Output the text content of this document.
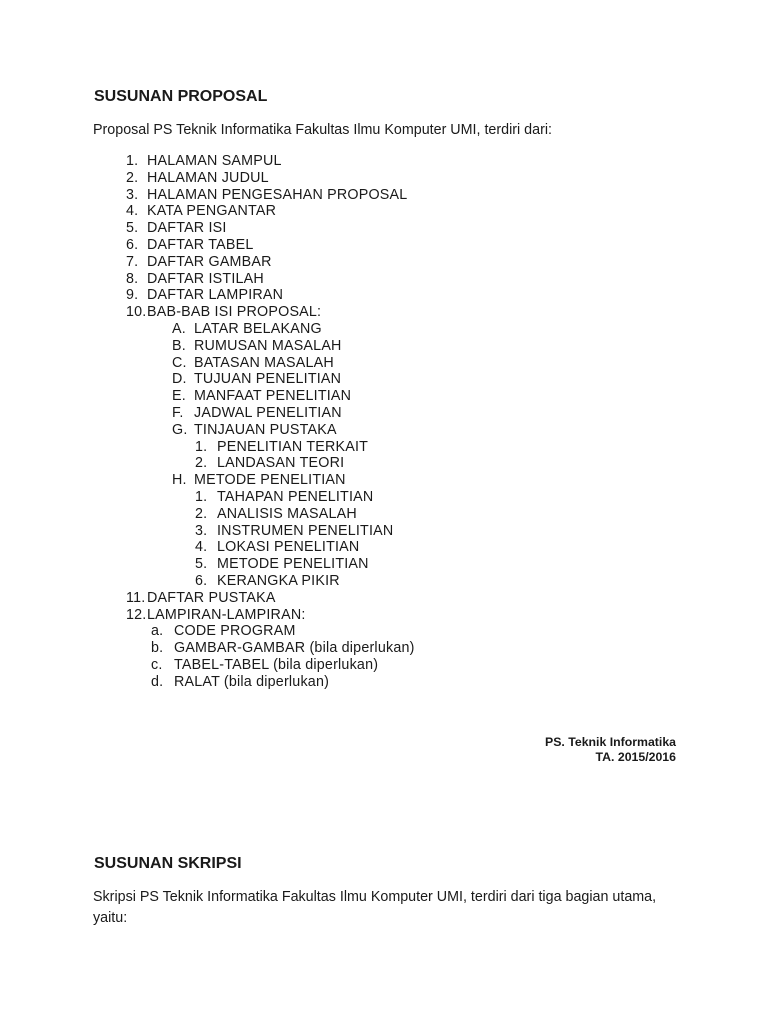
SUSUNAN PROPOSAL

Proposal PS Teknik Informatika Fakultas Ilmu Komputer UMI, terdiri dari:

1. HALAMAN SAMPUL
2. HALAMAN JUDUL
3. HALAMAN PENGESAHAN PROPOSAL
4. KATA PENGANTAR
5. DAFTAR ISI
6. DAFTAR TABEL
7. DAFTAR GAMBAR
8. DAFTAR ISTILAH
9. DAFTAR LAMPIRAN
10.BAB-BAB ISI PROPOSAL:
A. LATAR BELAKANG
B. RUMUSAN MASALAH
C. BATASAN MASALAH
D. TUJUAN PENELITIAN
E. MANFAAT PENELITIAN
F. JADWAL PENELITIAN
G. TINJAUAN PUSTAKA
1. PENELITIAN TERKAIT
2. LANDASAN TEORI
H. METODE PENELITIAN
1. TAHAPAN PENELITIAN
2. ANALISIS MASALAH
3. INSTRUMEN PENELITIAN
4. LOKASI PENELITIAN
5. METODE PENELITIAN
6. KERANGKA PIKIR
11. DAFTAR PUSTAKA
12.LAMPIRAN-LAMPIRAN:
a. CODE PROGRAM
b. GAMBAR-GAMBAR (bila diperlukan)
c. TABEL-TABEL (bila diperlukan)
d. RALAT (bila diperlukan)
PS. Teknik Informatika
TA. 2015/2016
SUSUNAN SKRIPSI

Skripsi PS Teknik Informatika Fakultas Ilmu Komputer UMI, terdiri dari tiga bagian utama, yaitu:
